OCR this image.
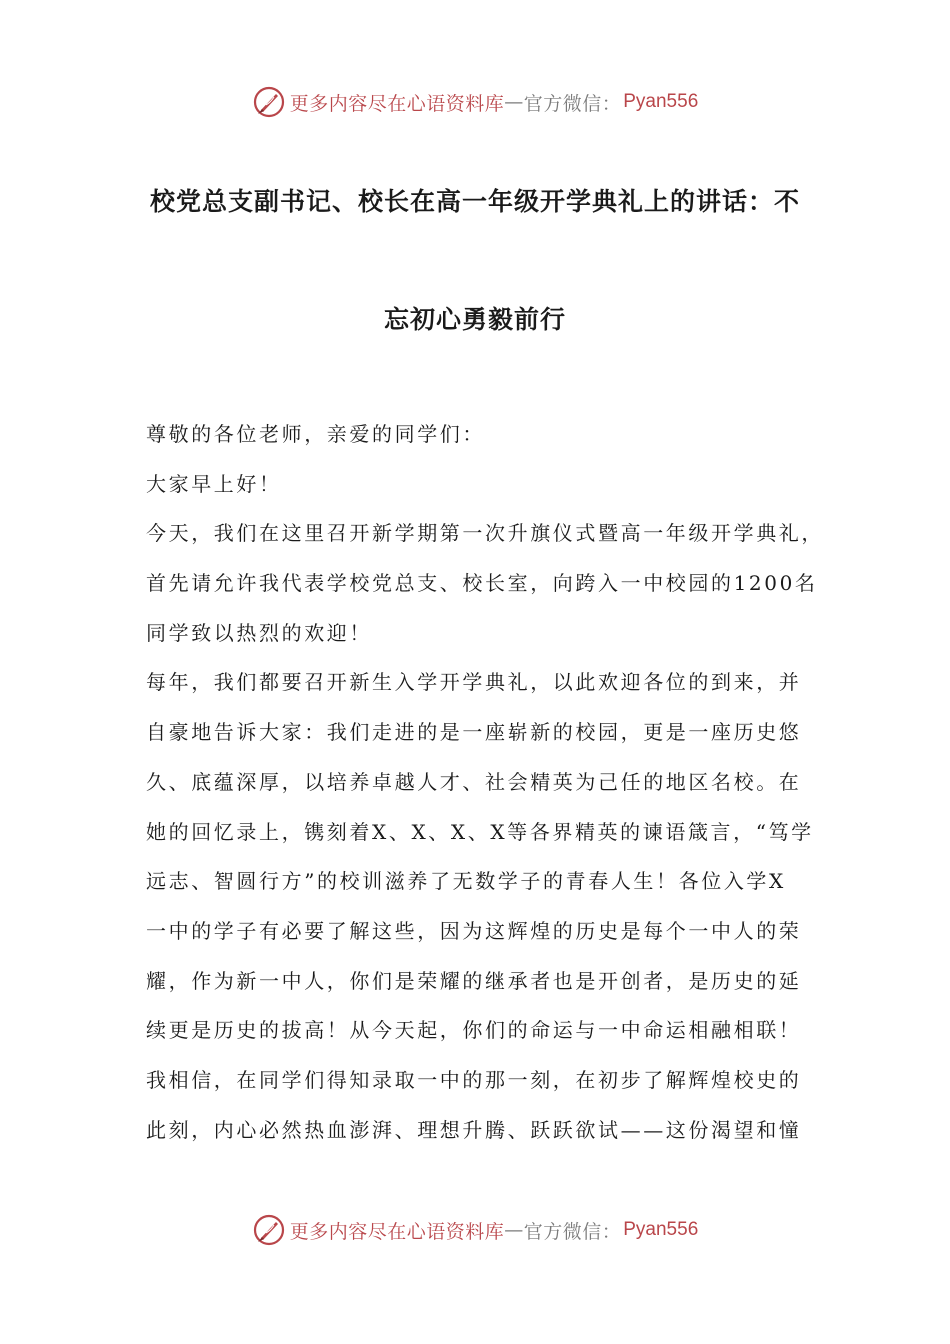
更多内容尽在心语资料库 — 官方微信： Pyan556
校党总支副书记、校长在高一年级开学典礼上的讲话：不
忘初心勇毅前行
尊敬的各位老师，亲爱的同学们：
大家早上好！
今天，我们在这里召开新学期第一次升旗仪式暨高一年级开学典礼，
首先请允许我代表学校党总支、校长室，向跨入一中校园的1200名
同学致以热烈的欢迎！
每年，我们都要召开新生入学开学典礼，以此欢迎各位的到来，并
自豪地告诉大家：我们走进的是一座崭新的校园，更是一座历史悠
久、底蕴深厚，以培养卓越人才、社会精英为己任的地区名校。在
她的回忆录上，镌刻着X、X、X、X等各界精英的谏语箴言，“笃学
远志、智圆行方”的校训滋养了无数学子的青春人生！各位入学X
一中的学子有必要了解这些，因为这辉煌的历史是每个一中人的荣
耀，作为新一中人，你们是荣耀的继承者也是开创者，是历史的延
续更是历史的拔高！从今天起，你们的命运与一中命运相融相联！
我相信，在同学们得知录取一中的那一刻，在初步了解辉煌校史的
此刻，内心必然热血澎湃、理想升腾、跃跃欲试——这份渴望和憧
更多内容尽在心语资料库 — 官方微信： Pyan556
